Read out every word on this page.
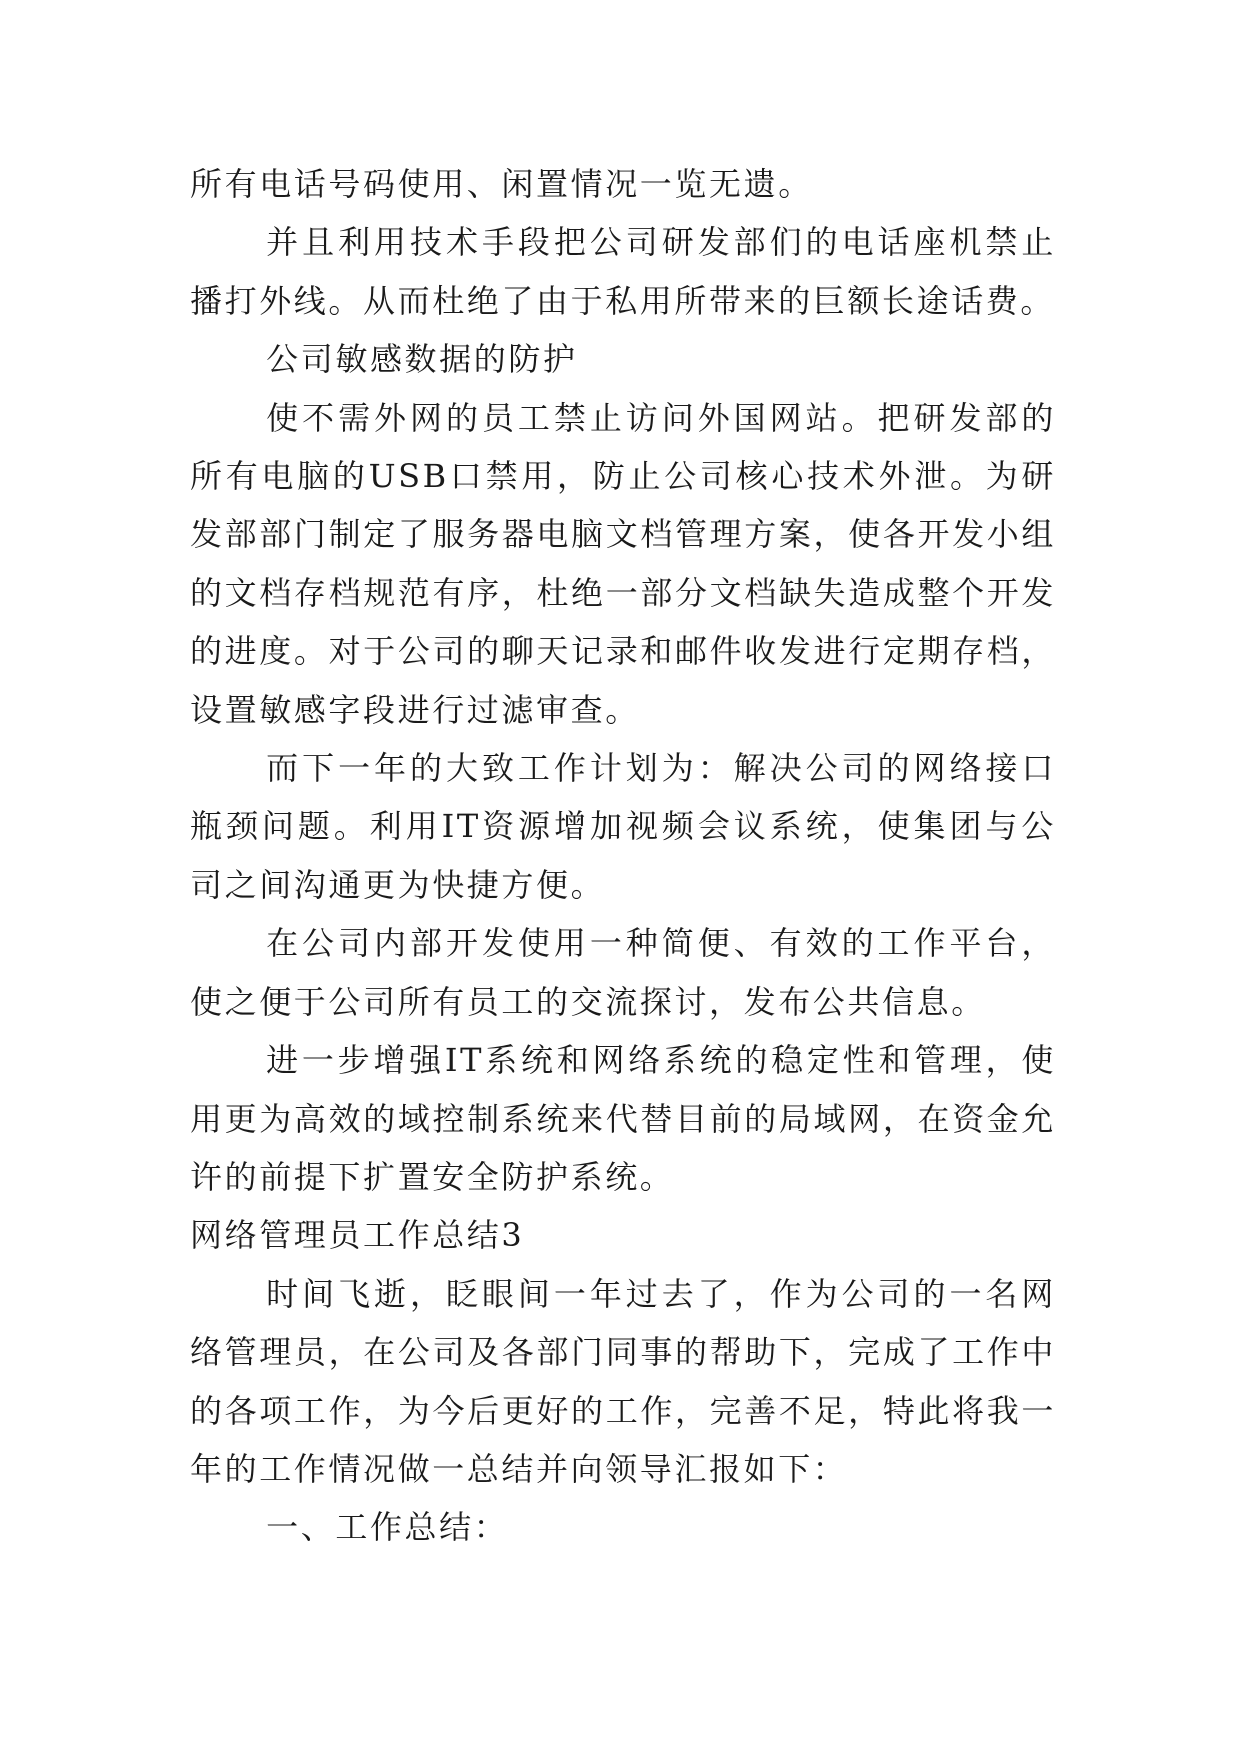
所有电话号码使用、闲置情况一览无遗。

并且利用技术手段把公司研发部们的电话座机禁止播打外线。从而杜绝了由于私用所带来的巨额长途话费。

公司敏感数据的防护

使不需外网的员工禁止访问外国网站。把研发部的所有电脑的USB口禁用，防止公司核心技术外泄。为研发部部门制定了服务器电脑文档管理方案，使各开发小组的文档存档规范有序，杜绝一部分文档缺失造成整个开发的进度。对于公司的聊天记录和邮件收发进行定期存档，设置敏感字段进行过滤审查。

而下一年的大致工作计划为：解决公司的网络接口瓶颈问题。利用IT资源增加视频会议系统，使集团与公司之间沟通更为快捷方便。

在公司内部开发使用一种简便、有效的工作平台，使之便于公司所有员工的交流探讨，发布公共信息。

进一步增强IT系统和网络系统的稳定性和管理，使用更为高效的域控制系统来代替目前的局域网，在资金允许的前提下扩置安全防护系统。

网络管理员工作总结3

时间飞逝，眨眼间一年过去了，作为公司的一名网络管理员，在公司及各部门同事的帮助下，完成了工作中的各项工作，为今后更好的工作，完善不足，特此将我一年的工作情况做一总结并向领导汇报如下：

一、工作总结：
